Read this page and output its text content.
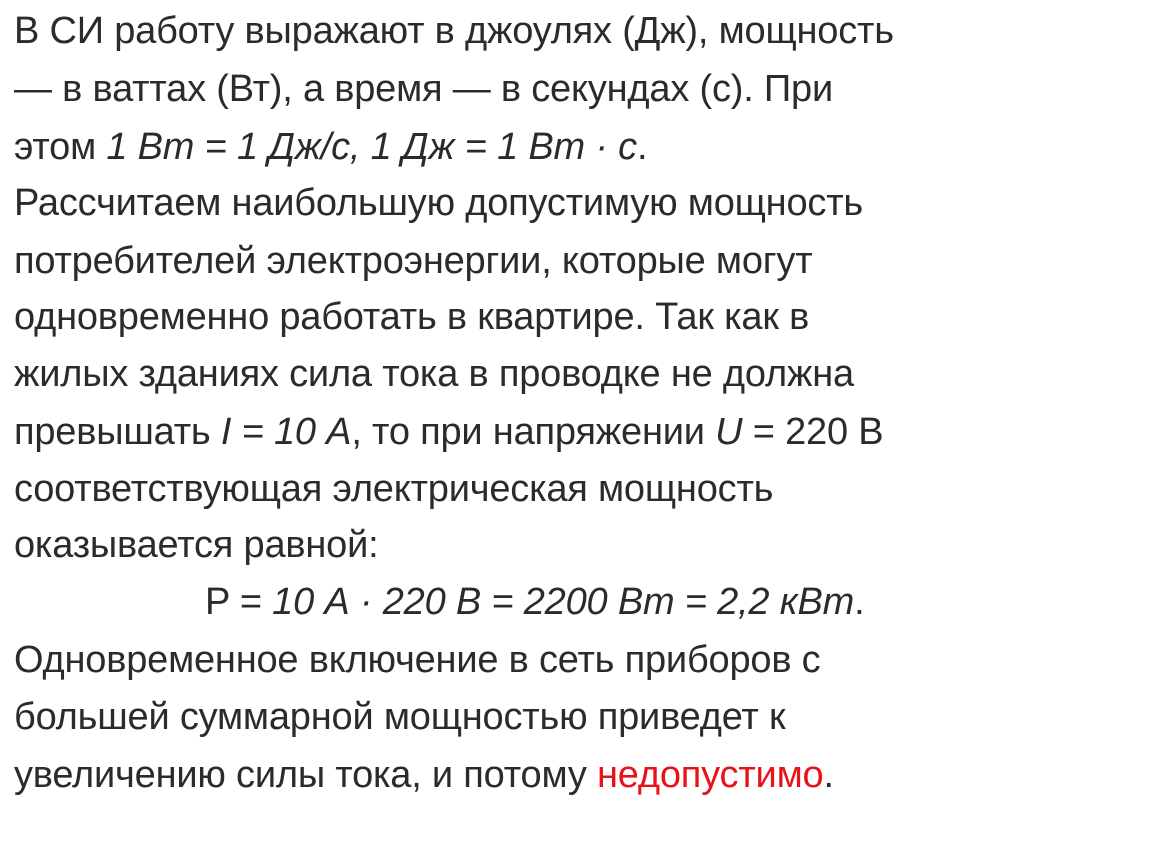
В СИ работу выражают в джоулях (Дж), мощность
— в ваттах (Вт), а время — в секундах (с). При
этом 1 Вт = 1 Дж/с, 1 Дж = 1 Вт · с.
Рассчитаем наибольшую допустимую мощность
потребителей электроэнергии, которые могут
одновременно работать в квартире. Так как в
жилых зданиях сила тока в проводке не должна
превышать I = 10 А, то при напряжении U = 220 В
соответствующая электрическая мощность
оказывается равной:
P = 10 А · 220 В = 2200 Вт = 2,2 кВт.
Одновременное включение в сеть приборов с
большей суммарной мощностью приведет к
увеличению силы тока, и потому недопустимо.
